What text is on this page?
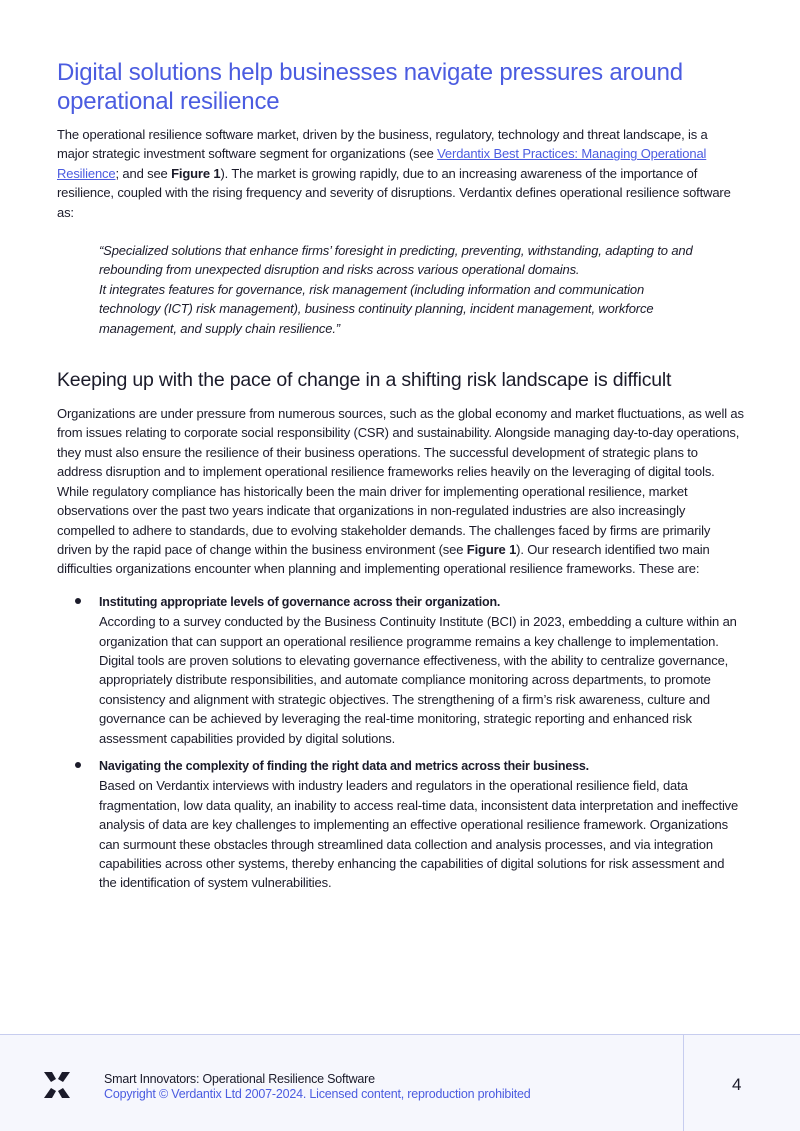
Digital solutions help businesses navigate pressures around operational resilience

The operational resilience software market, driven by the business, regulatory, technology and threat landscape, is a major strategic investment software segment for organizations (see Verdantix Best Practices: Managing Operational Resilience; and see Figure 1). The market is growing rapidly, due to an increasing awareness of the importance of resilience, coupled with the rising frequency and severity of disruptions. Verdantix defines operational resilience software as:

“Specialized solutions that enhance firms’ foresight in predicting, preventing, withstanding, adapting to and rebounding from unexpected disruption and risks across various operational domains.
It integrates features for governance, risk management (including information and communication technology (ICT) risk management), business continuity planning, incident management, workforce management, and supply chain resilience.”
Keeping up with the pace of change in a shifting risk landscape is difficult

Organizations are under pressure from numerous sources, such as the global economy and market fluctuations, as well as from issues relating to corporate social responsibility (CSR) and sustainability. Alongside managing day-to-day operations, they must also ensure the resilience of their business operations. The successful development of strategic plans to address disruption and to implement operational resilience frameworks relies heavily on the leveraging of digital tools. While regulatory compliance has historically been the main driver for implementing operational resilience, market observations over the past two years indicate that organizations in non-regulated industries are also increasingly compelled to adhere to standards, due to evolving stakeholder demands. The challenges faced by firms are primarily driven by the rapid pace of change within the business environment (see Figure 1). Our research identified two main difficulties organizations encounter when planning and implementing operational resilience frameworks. These are:

Instituting appropriate levels of governance across their organization.
According to a survey conducted by the Business Continuity Institute (BCI) in 2023, embedding a culture within an organization that can support an operational resilience programme remains a key challenge to implementation. Digital tools are proven solutions to elevating governance effectiveness, with the ability to centralize governance, appropriately distribute responsibilities, and automate compliance monitoring across departments, to promote consistency and alignment with strategic objectives. The strengthening of a firm’s risk awareness, culture and governance can be achieved by leveraging the real-time monitoring, strategic reporting and enhanced risk assessment capabilities provided by digital solutions.
Navigating the complexity of finding the right data and metrics across their business.
Based on Verdantix interviews with industry leaders and regulators in the operational resilience field, data fragmentation, low data quality, an inability to access real-time data, inconsistent data interpretation and ineffective analysis of data are key challenges to implementing an effective operational resilience framework. Organizations can surmount these obstacles through streamlined data collection and analysis processes, and via integration capabilities across other systems, thereby enhancing the capabilities of digital solutions for risk assessment and the identification of system vulnerabilities.
Smart Innovators: Operational Resilience Software
Copyright © Verdantix Ltd 2007-2024. Licensed content, reproduction prohibited	4
